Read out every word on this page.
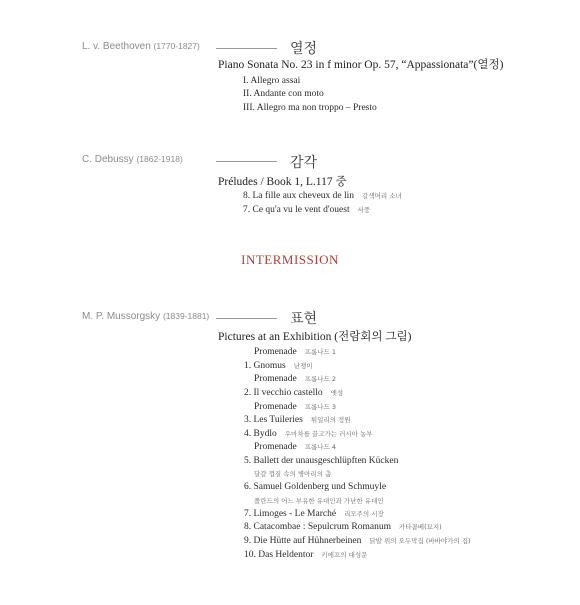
L. v. Beethoven (1770-1827)	열정
Piano Sonata No. 23 in f minor Op. 57, “Appassionata”(열정)
I. Allegro assai
II. Andante con moto
III. Allegro ma non troppo – Presto
C. Debussy (1862-1918)	감각
Préludes / Book 1, L.117 중
8. La fille aux cheveux de lin 갈색머리 소녀
7. Ce qu'a vu le vent d'ouest 서풍
INTERMISSION
M. P. Mussorgsky (1839-1881)	표현
Pictures at an Exhibition (전람회의 그림)
Promenade 프롬나드 1
1. Gnomus 난쟁이
Promenade 프롬나드 2
2. Il vecchio castello 옛성
Promenade 프롬나드 3
3. Les Tuileries 튀일리의 정원
4. Bydlo 우마차를 끌고가는 러시아 농부
Promenade 프롬나드 4
5. Ballett der unausgeschlüpften Kücken
달걀 껍질 속의 병아리의 춤
6. Samuel Goldenberg und Schmuyle
폴란드의 어느 부유한 유대인과 가난한 유대인
7. Limoges - Le Marché 리모주의 시장
8. Catacombae : Sepulcrum Romanum 카타콤베(묘지)
9. Die Hütte auf Hühnerbeinen 닭발 위의 오두막집 (바바야가의 집)
10. Das Heldentor 키에프의 대성문
